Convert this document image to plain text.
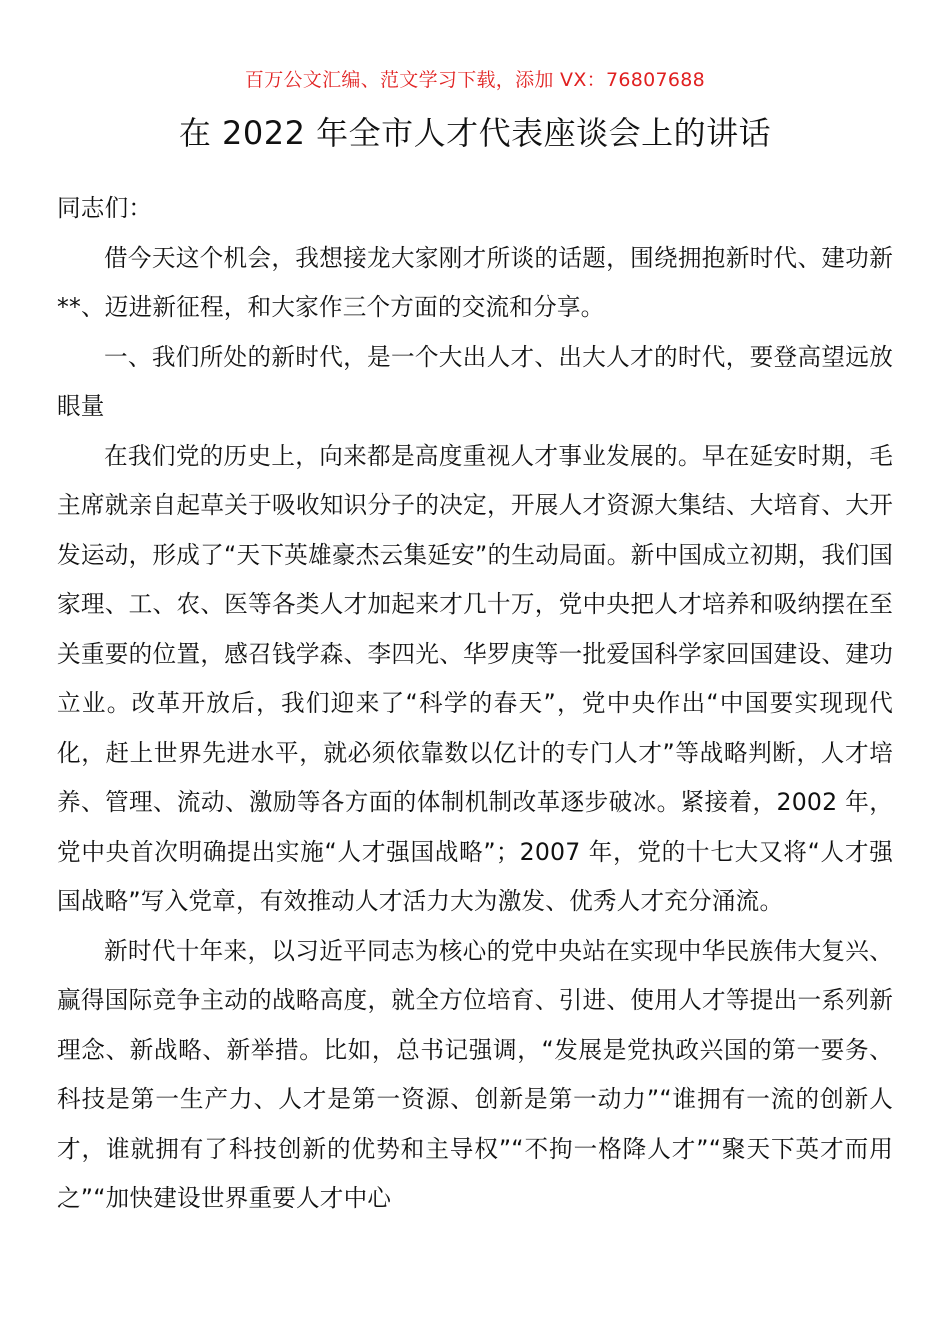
百万公文汇编、范文学习下载，添加 VX：76807688
在 2022 年全市人才代表座谈会上的讲话

同志们：

借今天这个机会，我想接龙大家刚才所谈的话题，围绕拥抱新时代、建功新**、迈进新征程，和大家作三个方面的交流和分享。

一、我们所处的新时代，是一个大出人才、出大人才的时代，要登高望远放眼量

在我们党的历史上，向来都是高度重视人才事业发展的。早在延安时期，毛主席就亲自起草关于吸收知识分子的决定，开展人才资源大集结、大培育、大开发运动，形成了“天下英雄豪杰云集延安”的生动局面。新中国成立初期，我们国家理、工、农、医等各类人才加起来才几十万，党中央把人才培养和吸纳摆在至关重要的位置，感召钱学森、李四光、华罗庚等一批爱国科学家回国建设、建功立业。改革开放后，我们迎来了“科学的春天”，党中央作出“中国要实现现代化，赶上世界先进水平，就必须依靠数以亿计的专门人才”等战略判断，人才培养、管理、流动、激励等各方面的体制机制改革逐步破冰。紧接着，2002 年，党中央首次明确提出实施“人才强国战略”；2007 年，党的十七大又将“人才强国战略”写入党章，有效推动人才活力大为激发、优秀人才充分涌流。

新时代十年来，以习近平同志为核心的党中央站在实现中华民族伟大复兴、赢得国际竞争主动的战略高度，就全方位培育、引进、使用人才等提出一系列新理念、新战略、新举措。比如，总书记强调，“发展是党执政兴国的第一要务、科技是第一生产力、人才是第一资源、创新是第一动力”“谁拥有一流的创新人才，谁就拥有了科技创新的优势和主导权”“不拘一格降人才”“聚天下英才而用之”“加快建设世界重要人才中心
